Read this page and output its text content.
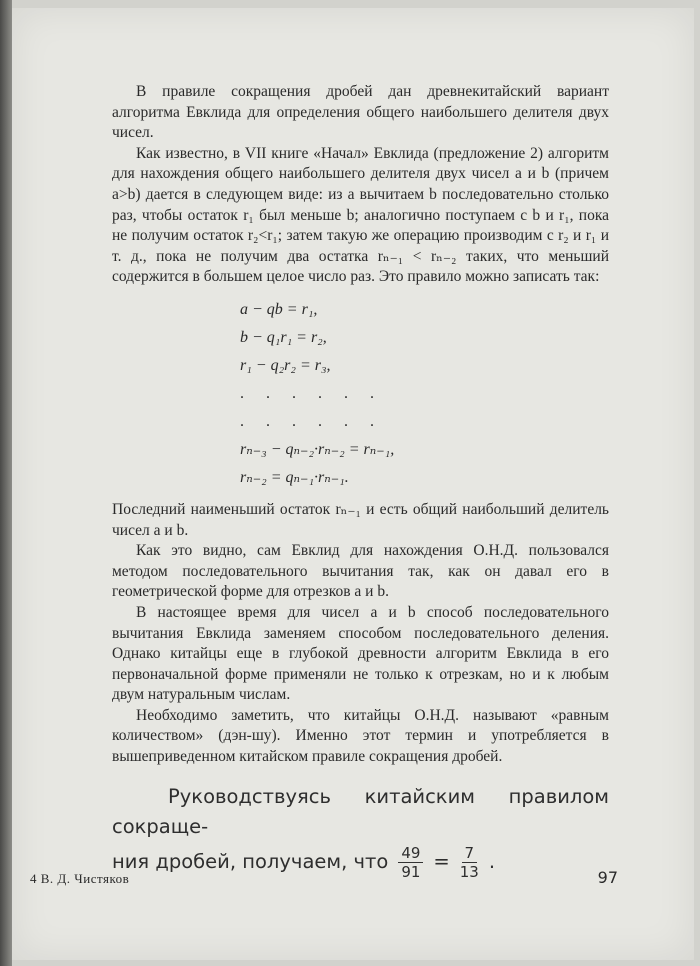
В правиле сокращения дробей дан древнекитайский вариант алгоритма Евклида для определения общего наибольшего делителя двух чисел.

Как известно, в VII книге «Начал» Евклида (предложение 2) алгоритм для нахождения общего наибольшего делителя двух чисел a и b (причем a>b) дается в следующем виде: из a вычитаем b последовательно столько раз, чтобы остаток r₁ был меньше b; аналогично поступаем с b и r₁, пока не получим остаток r₂<r₁; затем такую же операцию производим с r₂ и r₁ и т. д., пока не получим два остатка rₙ₋₁ < rₙ₋₂ таких, что меньший содержится в большем целое число раз. Это правило можно записать так:

a − qb = r₁,
b − q₁r₁ = r₂,
r₁ − q₂r₂ = r₃,
. . . . . .
. . . . . .
rₙ₋₃ − qₙ₋₂·rₙ₋₂ = rₙ₋₁,
rₙ₋₂ = qₙ₋₁·rₙ₋₁.

Последний наименьший остаток rₙ₋₁ и есть общий наибольший делитель чисел a и b.

Как это видно, сам Евклид для нахождения О.Н.Д. пользовался методом последовательного вычитания так, как он давал его в геометрической форме для отрезков a и b.

В настоящее время для чисел a и b способ последовательного вычитания Евклида заменяем способом последовательного деления. Однако китайцы еще в глубокой древности алгоритм Евклида в его первоначальной форме применяли не только к отрезкам, но и к любым двум натуральным числам.

Необходимо заметить, что китайцы О.Н.Д. называют «равным количеством» (дэн-шу). Именно этот термин и употребляется в вышеприведенном китайском правиле сокращения дробей.

Руководствуясь китайским правилом сокраще-
ния дробей, получаем, что $\frac{49}{91} = \frac{7}{13}$ .
4 В. Д. Чистяков	97
